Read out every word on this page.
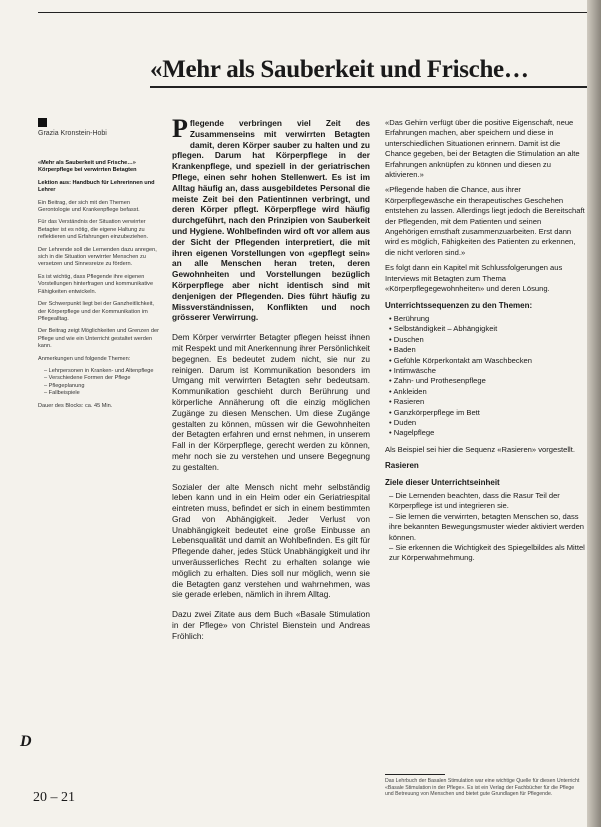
«Mehr als Sauberkeit und Frische…
Grazia Kronstein-Hobi

«Mehr als Sauberkeit und Frische…» Körperpflege bei verwirrten Betagten

Lektion aus: Handbuch für Lehrerinnen und Lehrer

Ein Beitrag, der sich mit den Themen Gerontologie und Krankenpflege befasst.

Für das Verständnis der Situation verwirrter Betagter ist es nötig, die eigene Haltung zu reflektieren und Erfahrungen einzubeziehen.

Der Lehrende soll die Lernenden dazu anregen, sich in die Situation verwirrter Menschen zu versetzen und Sinnesreize zu fördern.

Es ist wichtig, dass Pflegende ihre eigenen Vorstellungen hinterfragen und kommunikative Fähigkeiten entwickeln.

Der Schwerpunkt liegt bei der Ganzheitlichkeit, der Körperpflege und der Kommunikation im Pflegealltag.

Der Beitrag zeigt Möglichkeiten und Grenzen der Pflege und wie ein Unterricht gestaltet werden kann.

Anmerkungen und folgende Themen:

– Lehrpersonen in Kranken- und Altenpflege
– Verschiedene Formen der Pflege
– Pflegeplanung
– Fallbeispiele

Dauer des Blocks: ca. 45 Min.

D
20 – 21

Pflegende verbringen viel Zeit des Zusammenseins mit verwirrten Betagten damit, deren Körper sauber zu halten und zu pflegen. Darum hat Körperpflege in der Krankenpflege, und speziell in der geriatrischen Pflege, einen sehr hohen Stellenwert. Es ist im Alltag häufig an, dass ausgebildetes Personal die meiste Zeit bei den Patientinnen verbringt, und deren Körper pflegt. Körperpflege wird häufig durchgeführt, nach den Prinzipien von Sauberkeit und Hygiene. Wohlbefinden wird oft vor allem aus der Sicht der Pflegenden interpretiert, die mit ihren eigenen Vorstellungen von «gepflegt sein» an alle Menschen heran treten, deren Gewohnheiten und Vorstellungen bezüglich Körperpflege aber nicht identisch sind mit denjenigen der Pflegenden. Dies führt häufig zu Missverständnissen, Konflikten und noch grösserer Verwirrung.

Dem Körper verwirrter Betagter pflegen heisst ihnen mit Respekt und mit Anerkennung ihrer Persönlichkeit begegnen. Es bedeutet zudem nicht, sie nur zu reinigen. Darum ist Kommunikation besonders im Umgang mit verwirrten Betagten sehr bedeutsam. Kommunikation geschieht durch Berührung und körperliche Annäherung oft die einzig möglichen Zugänge zu diesen Menschen. Um diese Zugänge gestalten zu können, müssen wir die Gewohnheiten der Betagten erfahren und ernst nehmen, in unserem Fall in der Körperpflege, gerecht werden zu können, mehr noch sie zu verstehen und unsere Begegnung zu gestalten.

Sozialer der alte Mensch nicht mehr selbständig leben kann und in ein Heim oder ein Geriatriespital eintreten muss, befindet er sich in einem bestimmten Grad von Abhängigkeit. Jeder Verlust von Unabhängigkeit bedeutet eine große Einbusse an Lebensqualität und damit an Wohlbefinden. Es gilt für Pflegende daher, jedes Stück Unabhängigkeit und ihr unveräusserliches Recht zu erhalten solange wie möglich zu erhalten. Dies soll nur möglich, wenn sie die Betagten ganz verstehen und wahrnehmen, was sie gerade erleben, nämlich in ihrem Alltag.

Dazu zwei Zitate aus dem Buch «Basale Stimulation in der Pflege» von Christel Bienstein und Andreas Fröhlich:

«Das Gehirn verfügt über die positive Eigenschaft, neue Erfahrungen machen, aber speichern und diese in unterschiedlichen Situationen erinnern. Damit ist die Chance gegeben, bei der Betagten die Stimulation an alte Erfahrungen anknüpfen zu können und diesen zu aktivieren.»

«Pflegende haben die Chance, aus ihrer Körperpflegewäsche ein therapeutisches Geschehen entstehen zu lassen. Allerdings liegt jedoch die Bereitschaft der Pflegenden, mit dem Patienten und seinen Angehörigen ernsthaft zusammenzuarbeiten. Erst dann wird es möglich, Fähigkeiten des Patienten zu erkennen, die nicht verloren sind.»

Es folgt dann ein Kapitel mit Schlussfolgerungen aus Interviews mit Betagten zum Thema «Körperpflegegewohnheiten» und deren Lösung.

Unterrichtssequenzen zu den Themen:
• Berührung
• Selbständigkeit – Abhängigkeit
• Duschen
• Baden
• Gefühle Körperkontakt am Waschbecken
• Intimwäsche
• Zahn- und Prothesenpflege
• Ankleiden
• Rasieren
• Ganzkörperpflege im Bett
• Duden
• Nagelpflege

Als Beispiel sei hier die Sequenz «Rasieren» vorgestellt.

Rasieren
Ziele dieser Unterrichtseinheit
– Die Lernenden beachten, dass die Rasur Teil der Körperpflege ist und integrieren sie.
– Sie lernen die verwirrten, betagten Menschen so, dass ihre bekannten Bewegungsmuster wieder aktiviert werden können.
– Sie erkennen die Wichtigkeit des Spiegelbildes als Mittel zur Körperwahrnehmung.
Das Lehrbuch der Basalen Stimulation war eine wichtige Quelle für diesen Unterricht «Basale Stimulation in der Pflege». Es ist ein Verlag der Fachbücher für die Pflege und Betreuung von Menschen und bietet gute Grundlagen für Pflegende.
